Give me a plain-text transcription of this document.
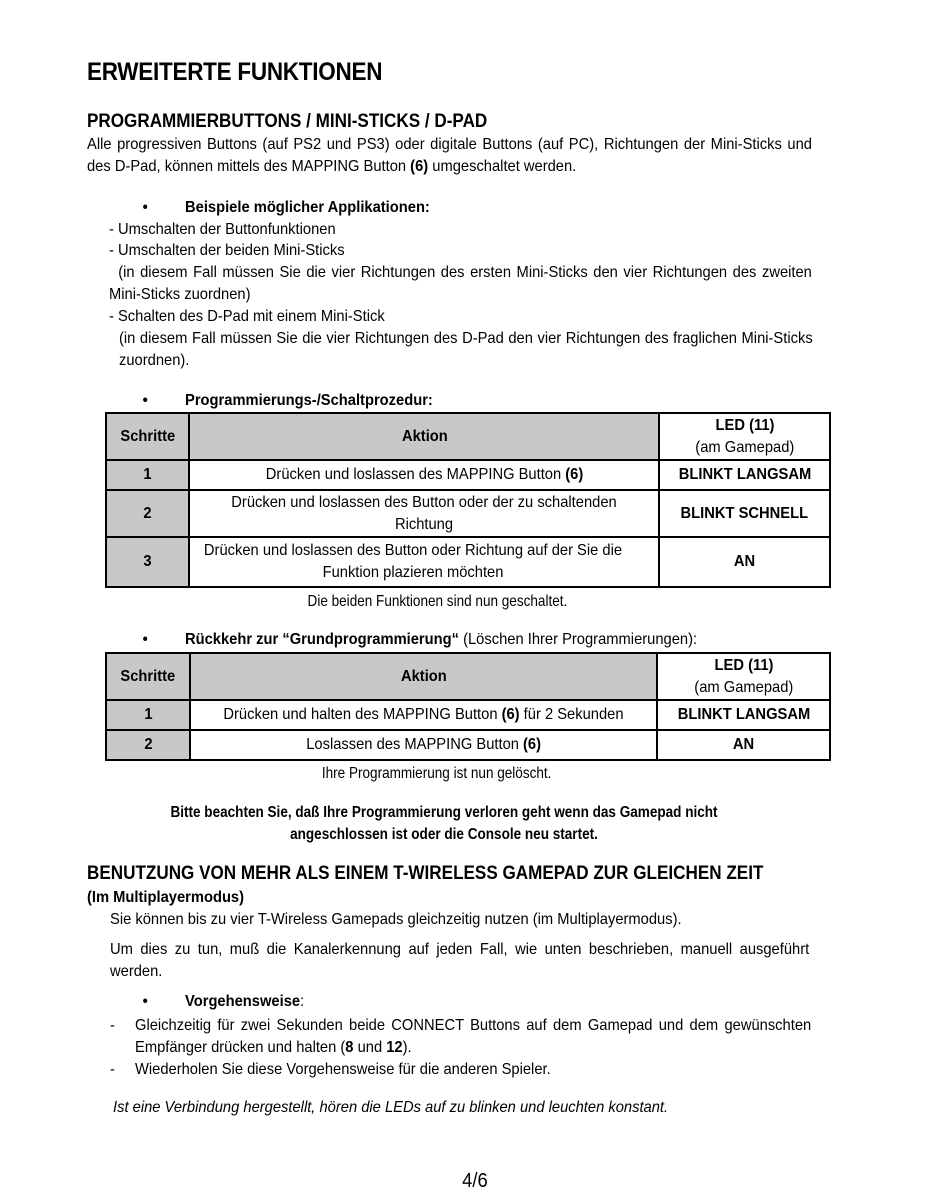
ERWEITERTE FUNKTIONEN
PROGRAMMIERBUTTONS / MINI-STICKS / D-PAD
Alle progressiven Buttons (auf PS2 und PS3) oder digitale Buttons (auf PC), Richtungen der Mini-Sticks und des D-Pad, können mittels des MAPPING Button (6) umgeschaltet werden.
• Beispiele möglicher Applikationen:
- Umschalten der Buttonfunktionen
- Umschalten der beiden Mini-Sticks
(in diesem Fall müssen Sie die vier Richtungen des ersten Mini-Sticks den vier Richtungen des zweiten Mini-Sticks zuordnen)
- Schalten des D-Pad mit einem Mini-Stick
(in diesem Fall müssen Sie die vier Richtungen des D-Pad den vier Richtungen des fraglichen Mini-Sticks zuordnen).
• Programmierungs-/Schaltprozedur:
Schritte	Aktion	LED (11)
(am Gamepad)
1	Drücken und loslassen des MAPPING Button (6)	BLINKT LANGSAM
2	Drücken und loslassen des Button oder der zu schaltenden Richtung	BLINKT SCHNELL
3	Drücken und loslassen des Button oder Richtung auf der Sie die Funktion plazieren möchten	AN
Die beiden Funktionen sind nun geschaltet.
• Rückkehr zur “Grundprogrammierung“ (Löschen Ihrer Programmierungen):
Schritte	Aktion	LED (11)
(am Gamepad)
1	Drücken und halten des MAPPING Button (6) für 2 Sekunden	BLINKT LANGSAM
2	Loslassen des MAPPING Button (6)	AN
Ihre Programmierung ist nun gelöscht.
Bitte beachten Sie, daß Ihre Programmierung verloren geht wenn das Gamepad nicht angeschlossen ist oder die Console neu startet.
BENUTZUNG VON MEHR ALS EINEM T-WIRELESS GAMEPAD ZUR GLEICHEN ZEIT
(Im Multiplayermodus)
Sie können bis zu vier T-Wireless Gamepads gleichzeitig nutzen (im Multiplayermodus).
Um dies zu tun, muß die Kanalerkennung auf jeden Fall, wie unten beschrieben, manuell ausgeführt werden.
• Vorgehensweise:
- Gleichzeitig für zwei Sekunden beide CONNECT Buttons auf dem Gamepad und dem gewünschten Empfänger drücken und halten (8 und 12).
- Wiederholen Sie diese Vorgehensweise für die anderen Spieler.
Ist eine Verbindung hergestellt, hören die LEDs auf zu blinken und leuchten konstant.
4/6
